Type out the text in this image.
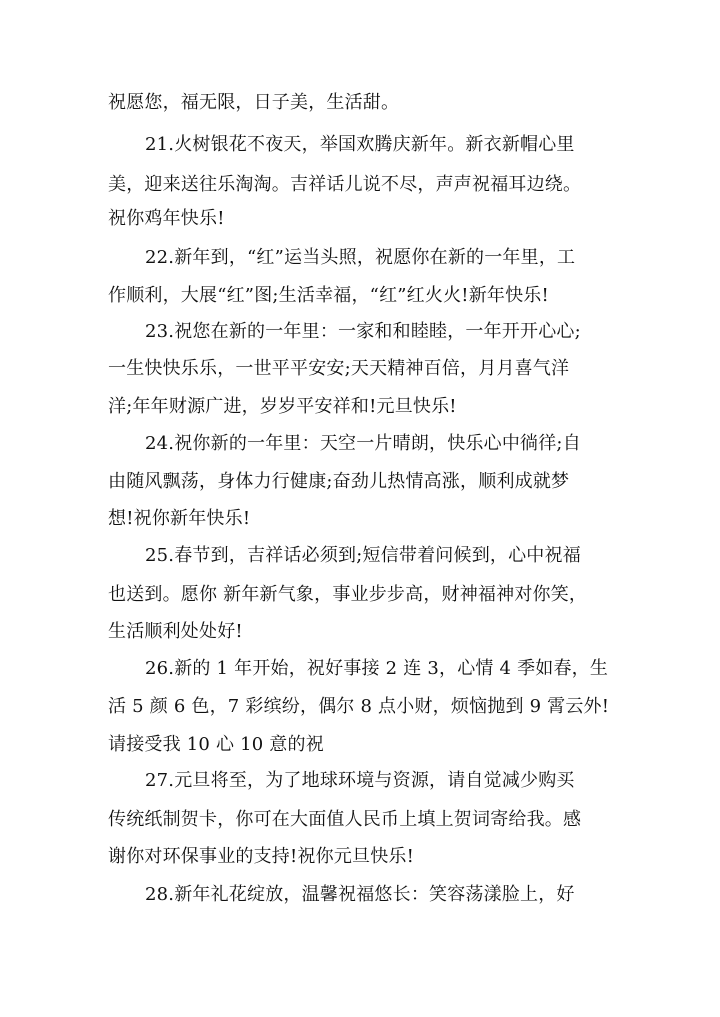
祝愿您，福无限，日子美，生活甜。
21.火树银花不夜天，举国欢腾庆新年。新衣新帽心里
美，迎来送往乐淘淘。吉祥话儿说不尽，声声祝福耳边绕。
祝你鸡年快乐!
22.新年到，“红”运当头照，祝愿你在新的一年里，工
作顺利，大展“红”图;生活幸福，“红”红火火!新年快乐!
23.祝您在新的一年里：一家和和睦睦，一年开开心心;
一生快快乐乐，一世平平安安;天天精神百倍，月月喜气洋
洋;年年财源广进，岁岁平安祥和!元旦快乐!
24.祝你新的一年里：天空一片晴朗，快乐心中徜徉;自
由随风飘荡，身体力行健康;奋劲儿热情高涨，顺利成就梦
想!祝你新年快乐!
25.春节到，吉祥话必须到;短信带着问候到，心中祝福
也送到。愿你 新年新气象，事业步步高，财神福神对你笑，
生活顺利处处好!
26.新的 1 年开始，祝好事接 2 连 3，心情 4 季如春，生
活 5 颜 6 色，7 彩缤纷，偶尔 8 点小财，烦恼抛到 9 霄云外!
请接受我 10 心 10 意的祝
27.元旦将至，为了地球环境与资源，请自觉减少购买
传统纸制贺卡，你可在大面值人民币上填上贺词寄给我。感
谢你对环保事业的支持!祝你元旦快乐!
28.新年礼花绽放，温馨祝福悠长：笑容荡漾脸上，好
